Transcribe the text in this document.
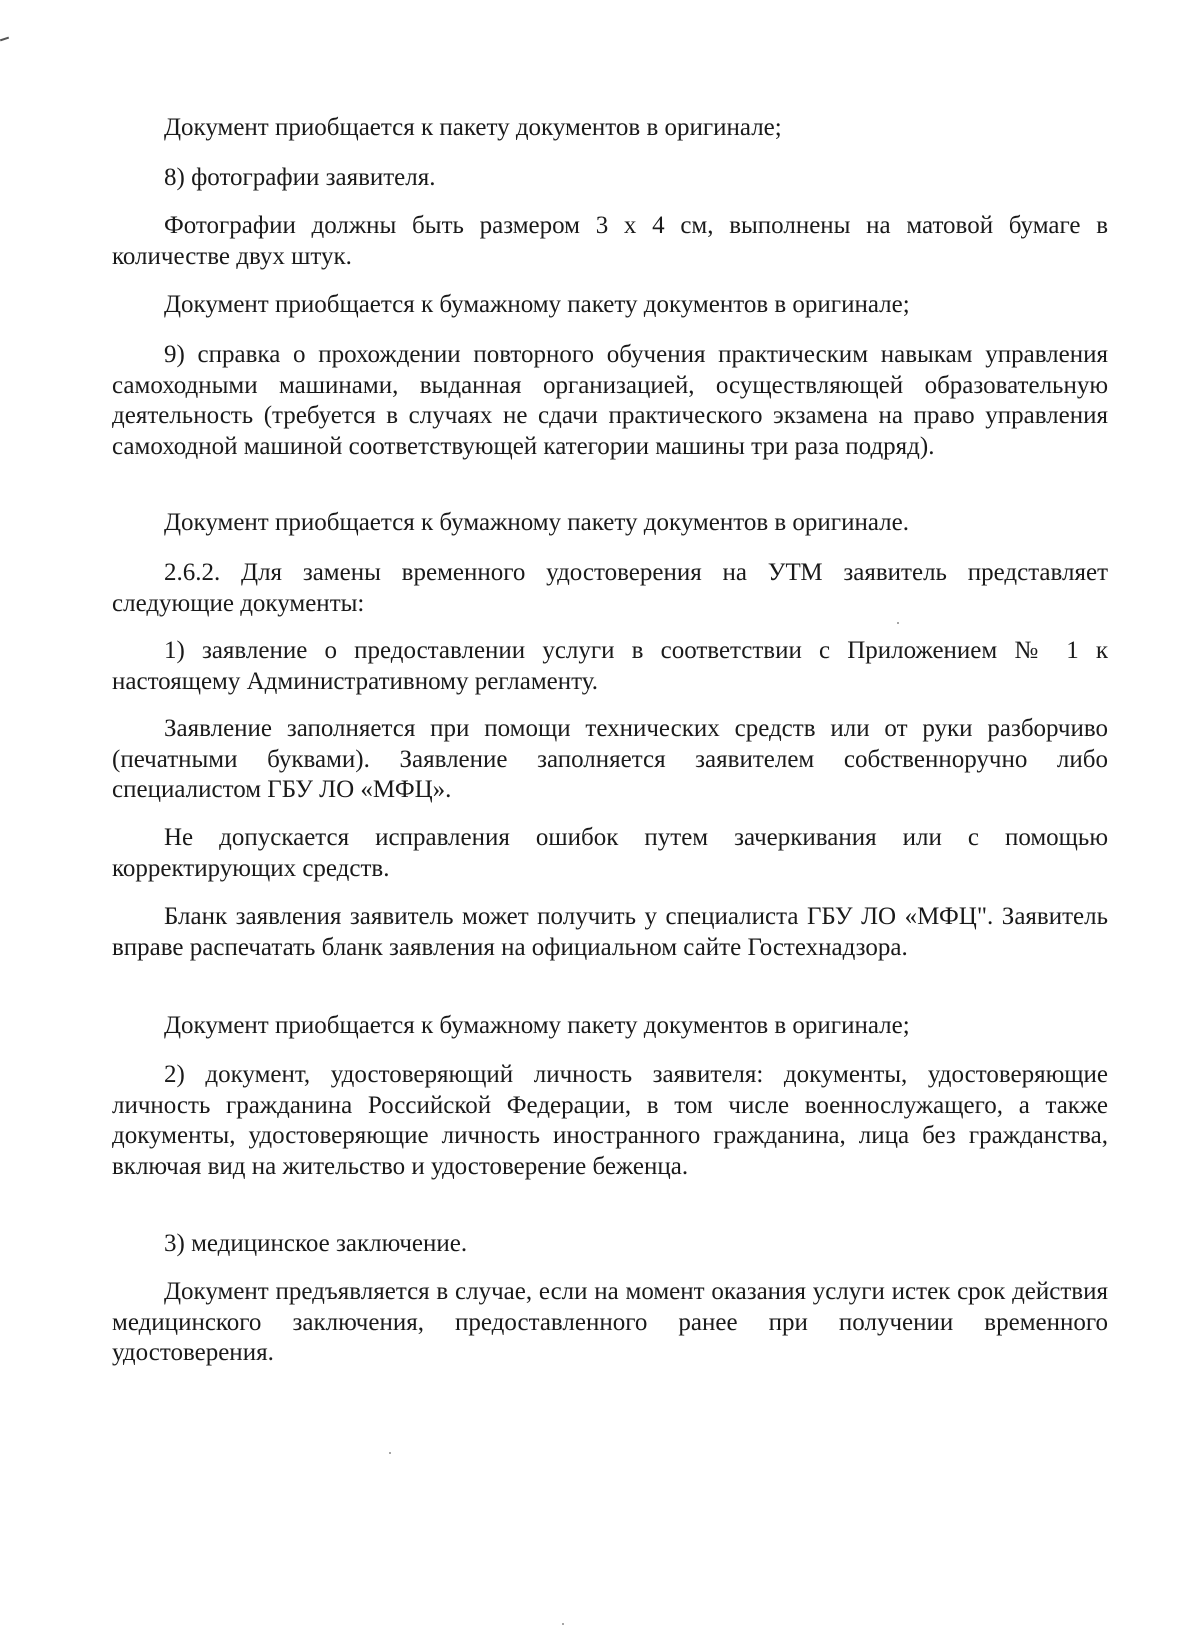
Документ приобщается к пакету документов в оригинале;

8) фотографии заявителя.

Фотографии должны быть размером 3 х 4 см, выполнены на матовой бумаге в количестве двух штук.

Документ приобщается к бумажному пакету документов в оригинале;

9) справка о прохождении повторного обучения практическим навыкам управления самоходными машинами, выданная организацией, осуществляющей образовательную деятельность (требуется в случаях не сдачи практического экзамена на право управления самоходной машиной соответствующей категории машины три раза подряд).

Документ приобщается к бумажному пакету документов в оригинале.

2.6.2. Для замены временного удостоверения на УТМ заявитель представляет следующие документы:

1) заявление о предоставлении услуги в соответствии с Приложением № 1 к настоящему Административному регламенту.

Заявление заполняется при помощи технических средств или от руки разборчиво (печатными буквами). Заявление заполняется заявителем собственноручно либо специалистом ГБУ ЛО «МФЦ».

Не допускается исправления ошибок путем зачеркивания или с помощью корректирующих средств.

Бланк заявления заявитель может получить у специалиста ГБУ ЛО «МФЦ". Заявитель вправе распечатать бланк заявления на официальном сайте Гостехнадзора.

Документ приобщается к бумажному пакету документов в оригинале;

2) документ, удостоверяющий личность заявителя: документы, удостоверяющие личность гражданина Российской Федерации, в том числе военнослужащего, а также документы, удостоверяющие личность иностранного гражданина, лица без гражданства, включая вид на жительство и удостоверение беженца.

3) медицинское заключение.

Документ предъявляется в случае, если на момент оказания услуги истек срок действия медицинского заключения, предоставленного ранее при получении временного удостоверения.
